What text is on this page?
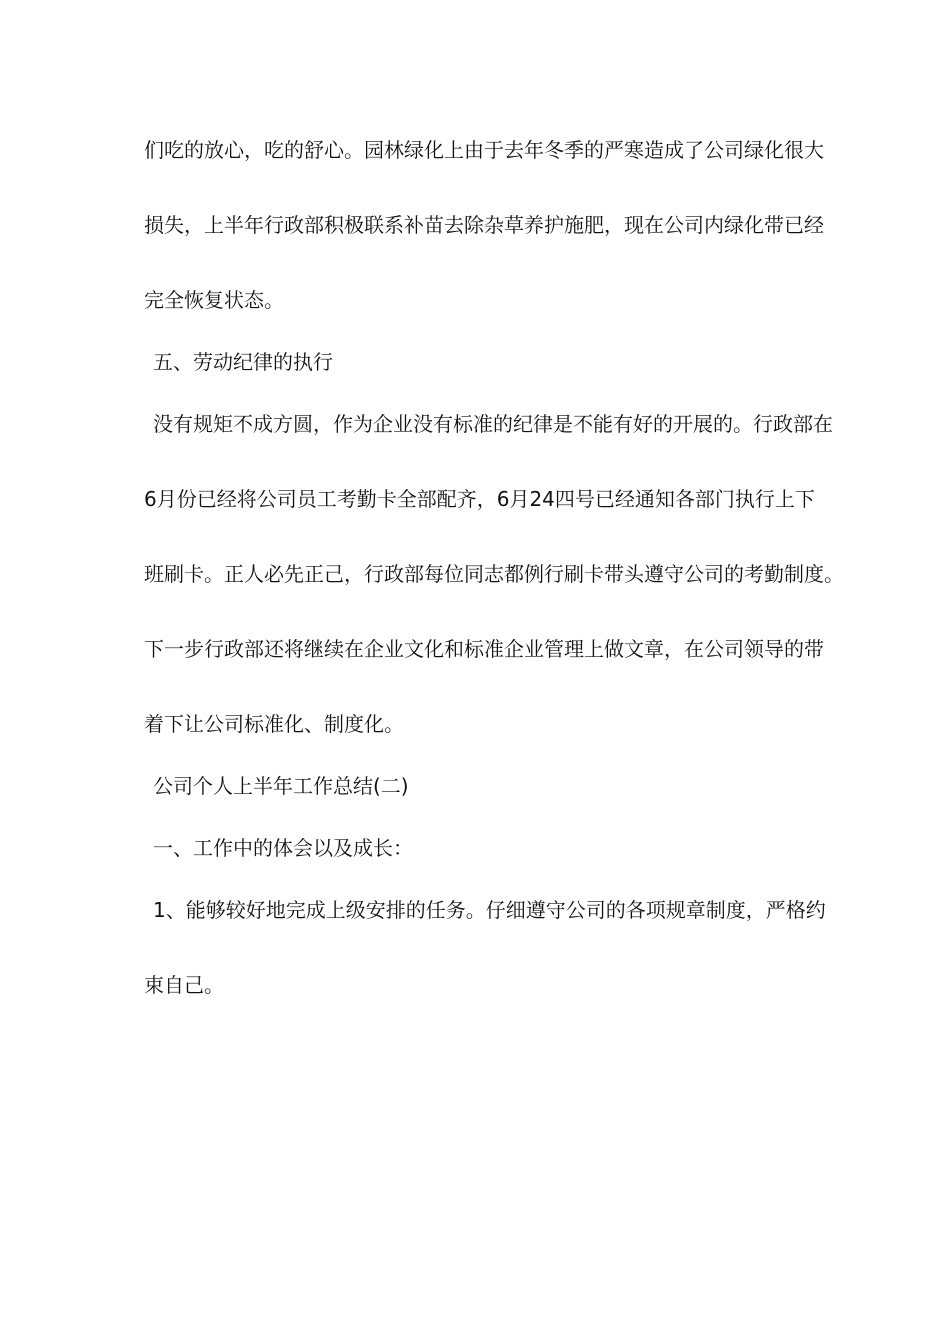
们吃的放心，吃的舒心。园林绿化上由于去年冬季的严寒造成了公司绿化很大
损失，上半年行政部积极联系补苗去除杂草养护施肥，现在公司内绿化带已经
完全恢复状态。
五、劳动纪律的执行
没有规矩不成方圆，作为企业没有标准的纪律是不能有好的开展的。行政部在
6月份已经将公司员工考勤卡全部配齐，6月24四号已经通知各部门执行上下
班刷卡。正人必先正己，行政部每位同志都例行刷卡带头遵守公司的考勤制度。
下一步行政部还将继续在企业文化和标准企业管理上做文章，在公司领导的带
着下让公司标准化、制度化。
公司个人上半年工作总结(二)
一、工作中的体会以及成长：
1、能够较好地完成上级安排的任务。仔细遵守公司的各项规章制度，严格约
束自己。
